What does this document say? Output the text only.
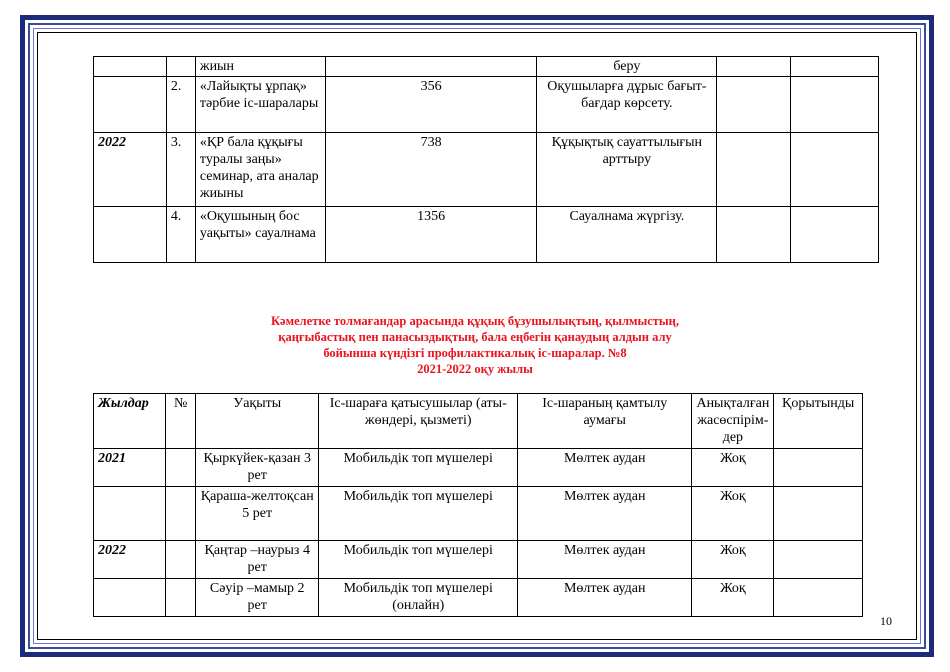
		жиын		беру		
	2.	«Лайықты ұрпақ» тәрбие іс-шаралары	356	Оқушыларға дұрыс бағыт-бағдар көрсету.		
2022	3.	«ҚР бала құқығы туралы заңы» семинар, ата аналар жиыны	738	Құқықтық сауаттылығын арттыру		
	4.	«Оқушының бос уақыты» сауалнама	1356	Сауалнама жүргізу.		
Кәмелетке толмағандар арасында құқық бұзушылықтың, қылмыстың,
қаңғыбастық пен панасыздықтың, бала еңбегін қанаудың алдын алу
бойынша күндізгі профилактикалық іс-шаралар. №8
2021-2022 оқу жылы
Жылдар	№	Уақыты	Іс-шараға қатысушылар (аты-жөндері, қызметі)	Іс-шараның қамтылу аумағы	Анықталған жасөспірім-дер	Қорытынды
2021		Қыркүйек-қазан 3 рет	Мобильдік топ мүшелері	Мөлтек аудан	Жоқ	
		Қараша-желтоқсан 5 рет	Мобильдік топ мүшелері	Мөлтек аудан	Жоқ	
2022		Қаңтар –наурыз 4 рет	Мобильдік топ мүшелері	Мөлтек аудан	Жоқ	
		Сәуір –мамыр 2 рет	Мобильдік топ мүшелері (онлайн)	Мөлтек аудан	Жоқ	
10
